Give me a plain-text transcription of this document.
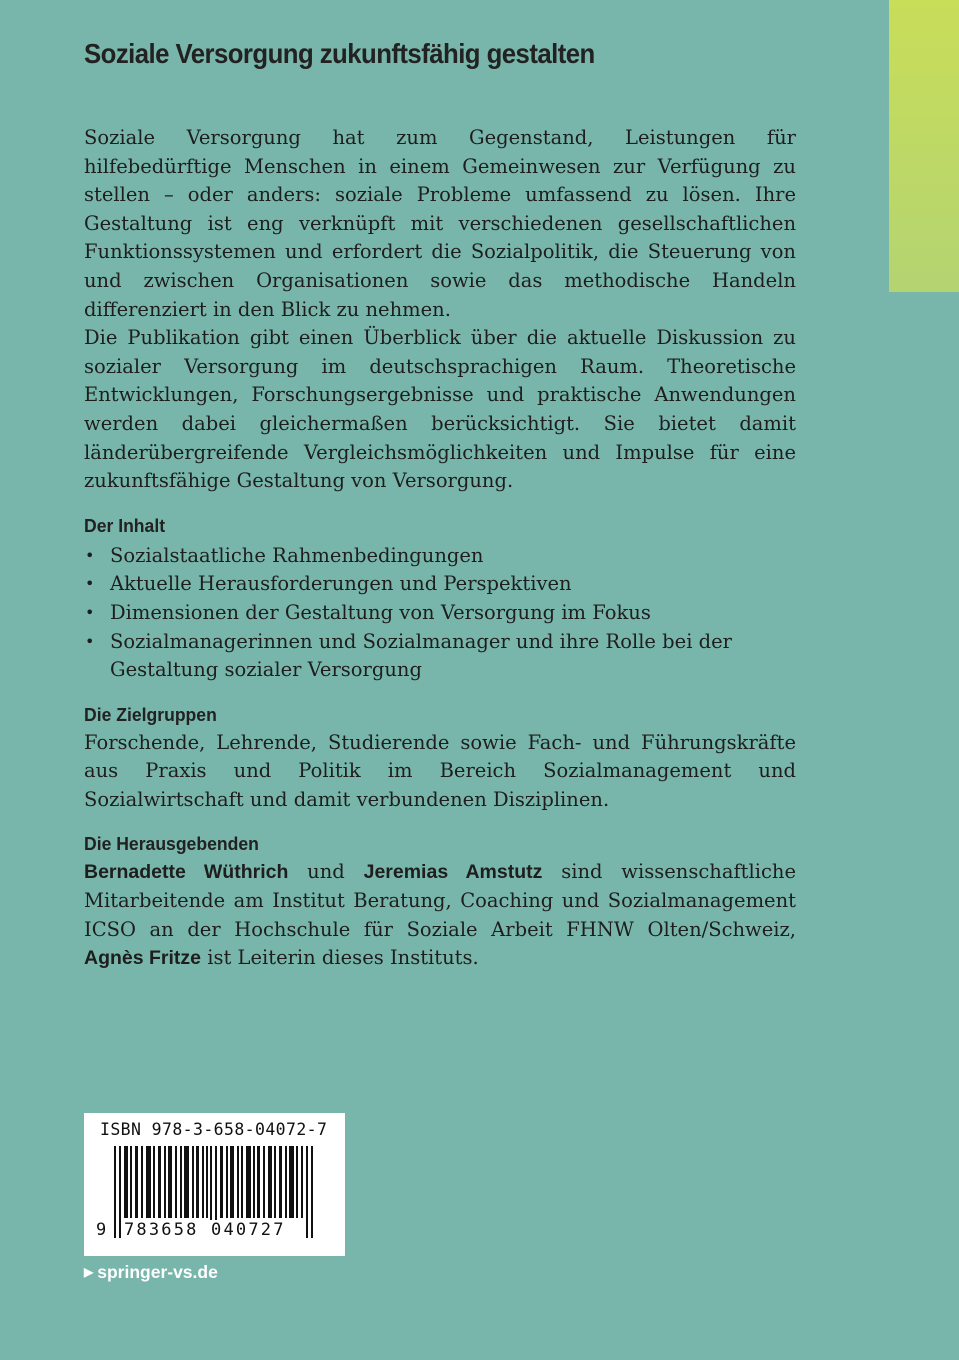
Soziale Versorgung zukunftsfähig gestalten

Soziale Versorgung hat zum Gegenstand, Leistungen für hilfebedürftige Menschen in einem Gemeinwesen zur Verfügung zu stellen – oder anders: soziale Probleme umfassend zu lösen. Ihre Gestaltung ist eng verknüpft mit verschiedenen gesellschaftlichen Funktionssystemen und erfordert die Sozialpolitik, die Steuerung von und zwischen Organisationen sowie das methodische Handeln differenziert in den Blick zu nehmen.

Die Publikation gibt einen Überblick über die aktuelle Diskussion zu sozialer Versorgung im deutschsprachigen Raum. Theoretische Entwicklungen, Forschungsergebnisse und praktische Anwendungen werden dabei gleichermaßen berücksichtigt. Sie bietet damit länderübergreifende Vergleichsmöglichkeiten und Impulse für eine zukunftsfähige Gestaltung von Versorgung.

Der Inhalt
• Sozialstaatliche Rahmenbedingungen
• Aktuelle Herausforderungen und Perspektiven
• Dimensionen der Gestaltung von Versorgung im Fokus
• Sozialmanagerinnen und Sozialmanager und ihre Rolle bei der Gestaltung sozialer Versorgung
Die Zielgruppen

Forschende, Lehrende, Studierende sowie Fach- und Führungskräfte aus Praxis und Politik im Bereich Sozialmanagement und Sozialwirtschaft und damit verbundenen Disziplinen.

Die Herausgebenden

Bernadette Wüthrich und Jeremias Amstutz sind wissenschaftliche Mitarbeitende am Institut Beratung, Coaching und Sozialmanagement ICSO an der Hochschule für Soziale Arbeit FHNW Olten/Schweiz, Agnès Fritze ist Leiterin dieses Instituts.

ISBN 978-3-658-04072-7
9 783658 040727
▶ springer-vs.de
